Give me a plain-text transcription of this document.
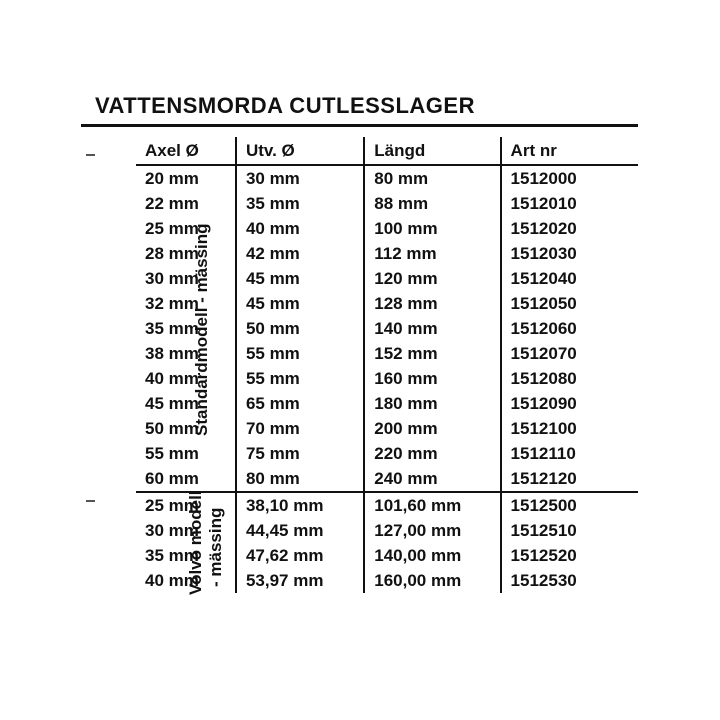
VATTENSMORDA CUTLESSLAGER
Standardmodell - mässing
Volvo modell - mässing
Axel Ø	Utv. Ø	Längd	Art nr
20 mm	30 mm	80 mm	1512000
22 mm	35 mm	88 mm	1512010
25 mm	40 mm	100 mm	1512020
28 mm	42 mm	112 mm	1512030
30 mm	45 mm	120 mm	1512040
32 mm	45 mm	128 mm	1512050
35 mm	50 mm	140 mm	1512060
38 mm	55 mm	152 mm	1512070
40 mm	55 mm	160 mm	1512080
45 mm	65 mm	180 mm	1512090
50 mm	70 mm	200 mm	1512100
55 mm	75 mm	220 mm	1512110
60 mm	80 mm	240 mm	1512120
25 mm	38,10 mm	101,60 mm	1512500
30 mm	44,45 mm	127,00 mm	1512510
35 mm	47,62 mm	140,00 mm	1512520
40 mm	53,97 mm	160,00 mm	1512530
